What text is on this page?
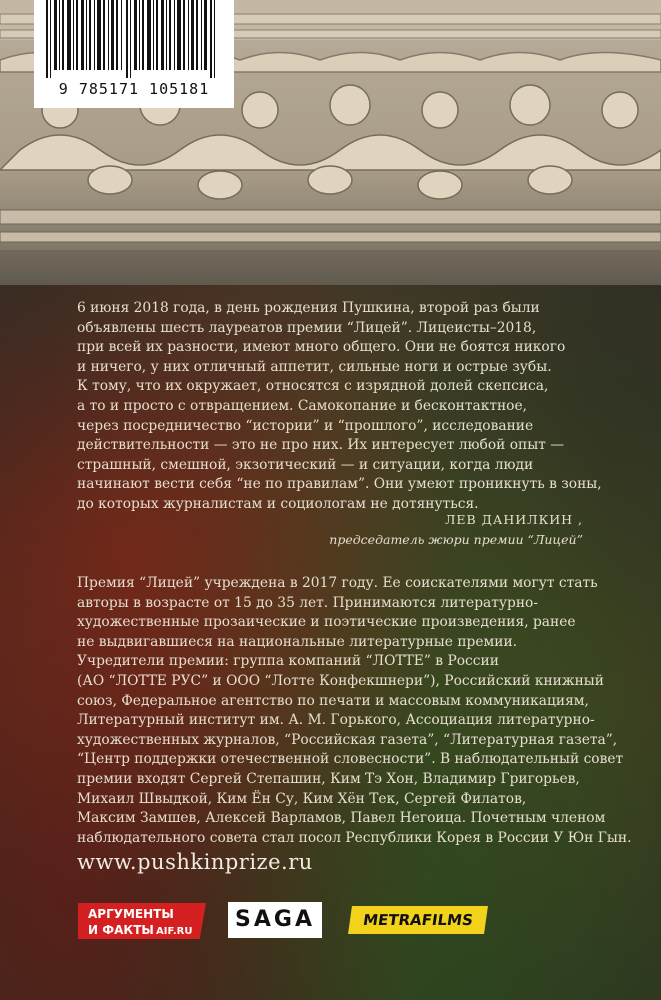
9 785171 105181
6 июня 2018 года, в день рождения Пушкина, второй раз были
объявлены шесть лауреатов премии “Лицей”. Лицеисты–2018,
при всей их разности, имеют много общего. Они не боятся никого
и ничего, у них отличный аппетит, сильные ноги и острые зубы.
К тому, что их окружает, относятся с изрядной долей скепсиса,
а то и просто с отвращением. Самокопание и бесконтактное,
через посредничество “истории” и “прошлого”, исследование
действительности — это не про них. Их интересует любой опыт —
страшный, смешной, экзотический — и ситуации, когда люди
начинают вести себя “не по правилам”. Они умеют проникнуть в зоны,
до которых журналистам и социологам не дотянуться.
ЛЕВ ДАНИЛКИН ,
председатель жюри премии “Лицей”
Премия “Лицей” учреждена в 2017 году. Ее соискателями могут стать
авторы в возрасте от 15 до 35 лет. Принимаются литературно-
художественные прозаические и поэтические произведения, ранее
не выдвигавшиеся на национальные литературные премии.
Учредители премии: группа компаний “ЛОТТЕ” в России
(АО “ЛОТТЕ РУС” и ООО “Лотте Конфекшнери”), Российский книжный
союз, Федеральное агентство по печати и массовым коммуникациям,
Литературный институт им. А. М. Горького, Ассоциация литературно-
художественных журналов, “Российская газета”, “Литературная газета”,
“Центр поддержки отечественной словесности”. В наблюдательный совет
премии входят Сергей Степашин, Ким Тэ Хон, Владимир Григорьев,
Михаил Швыдкой, Ким Ён Су, Ким Хён Тек, Сергей Филатов,
Максим Замшев, Алексей Варламов, Павел Негоица. Почетным членом
наблюдательного совета стал посол Республики Корея в России У Юн Гын.
www.pushkinprize.ru
АРГУМЕНТЫ
И ФАКТЫ AIF.RU	SAGA	METRAFILMS
